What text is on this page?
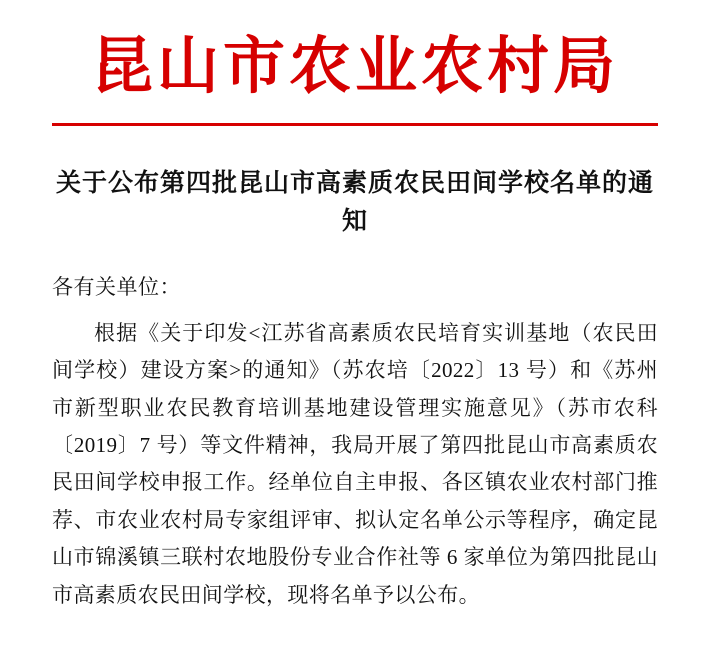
昆山市农业农村局
关于公布第四批昆山市高素质农民田间学校名单的通知
各有关单位：

根据《关于印发<江苏省高素质农民培育实训基地（农民田间学校）建设方案>的通知》（苏农培〔2022〕13 号）和《苏州市新型职业农民教育培训基地建设管理实施意见》（苏市农科〔2019〕7 号）等文件精神，我局开展了第四批昆山市高素质农民田间学校申报工作。经单位自主申报、各区镇农业农村部门推荐、市农业农村局专家组评审、拟认定名单公示等程序，确定昆山市锦溪镇三联村农地股份专业合作社等 6 家单位为第四批昆山市高素质农民田间学校，现将名单予以公布。
